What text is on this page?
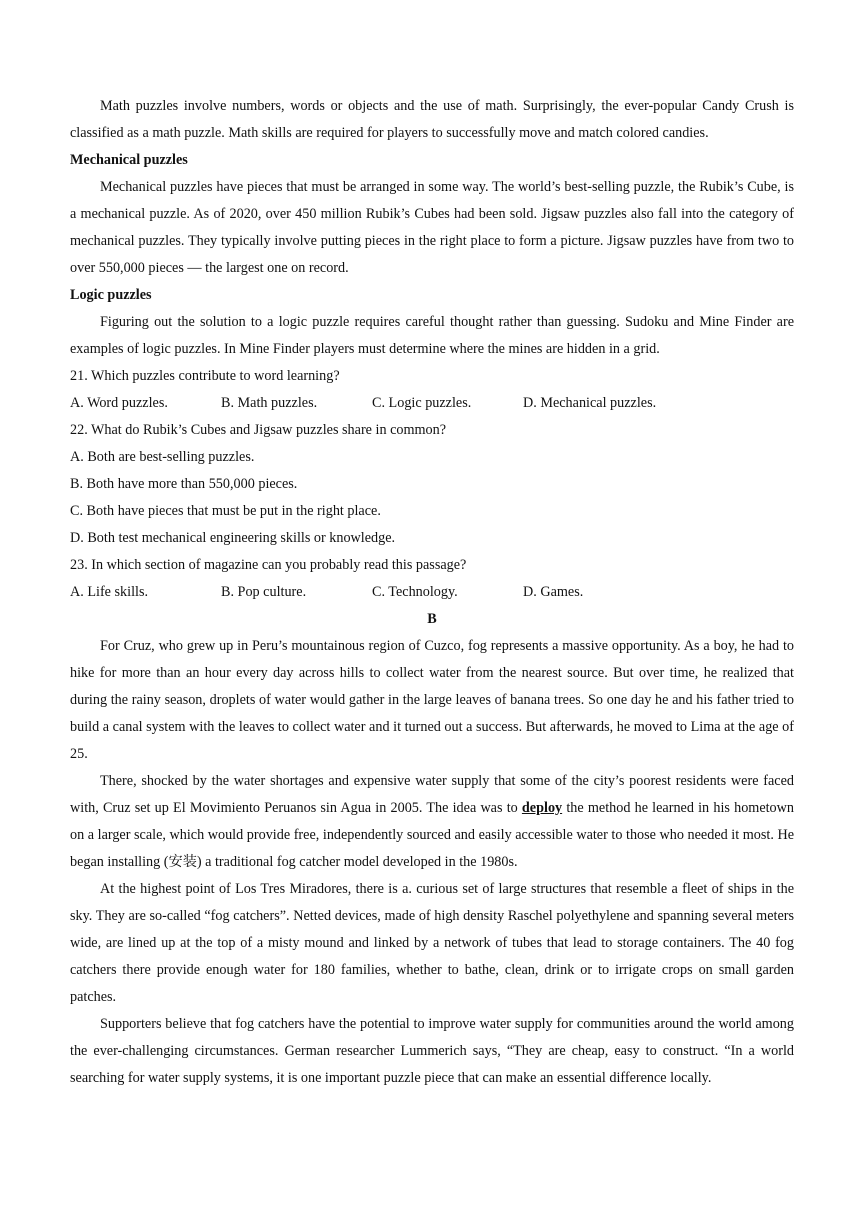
Math puzzles involve numbers, words or objects and the use of math. Surprisingly, the ever-popular Candy Crush is classified as a math puzzle. Math skills are required for players to successfully move and match colored candies.

Mechanical puzzles

Mechanical puzzles have pieces that must be arranged in some way. The world’s best-selling puzzle, the Rubik’s Cube, is a mechanical puzzle. As of 2020, over 450 million Rubik’s Cubes had been sold. Jigsaw puzzles also fall into the category of mechanical puzzles. They typically involve putting pieces in the right place to form a picture. Jigsaw puzzles have from two to over 550,000 pieces — the largest one on record.

Logic puzzles

Figuring out the solution to a logic puzzle requires careful thought rather than guessing. Sudoku and Mine Finder are examples of logic puzzles. In Mine Finder players must determine where the mines are hidden in a grid.

21. Which puzzles contribute to word learning?

A. Word puzzles.	B. Math puzzles.	C. Logic puzzles.	D. Mechanical puzzles.

22. What do Rubik’s Cubes and Jigsaw puzzles share in common?

A. Both are best-selling puzzles.

B. Both have more than 550,000 pieces.

C. Both have pieces that must be put in the right place.

D. Both test mechanical engineering skills or knowledge.

23. In which section of magazine can you probably read this passage?

A. Life skills.	B. Pop culture.	C. Technology.	D. Games.

B

For Cruz, who grew up in Peru’s mountainous region of Cuzco, fog represents a massive opportunity. As a boy, he had to hike for more than an hour every day across hills to collect water from the nearest source. But over time, he realized that during the rainy season, droplets of water would gather in the large leaves of banana trees. So one day he and his father tried to build a canal system with the leaves to collect water and it turned out a success. But afterwards, he moved to Lima at the age of 25.

There, shocked by the water shortages and expensive water supply that some of the city’s poorest residents were faced with, Cruz set up El Movimiento Peruanos sin Agua in 2005. The idea was to deploy the method he learned in his hometown on a larger scale, which would provide free, independently sourced and easily accessible water to those who needed it most. He began installing (安装) a traditional fog catcher model developed in the 1980s.

At the highest point of Los Tres Miradores, there is a. curious set of large structures that resemble a fleet of ships in the sky. They are so-called “fog catchers”. Netted devices, made of high density Raschel polyethylene and spanning several meters wide, are lined up at the top of a misty mound and linked by a network of tubes that lead to storage containers. The 40 fog catchers there provide enough water for 180 families, whether to bathe, clean, drink or to irrigate crops on small garden patches.

Supporters believe that fog catchers have the potential to improve water supply for communities around the world among the ever-challenging circumstances. German researcher Lummerich says, “They are cheap, easy to construct. “In a world searching for water supply systems, it is one important puzzle piece that can make an essential difference locally.
